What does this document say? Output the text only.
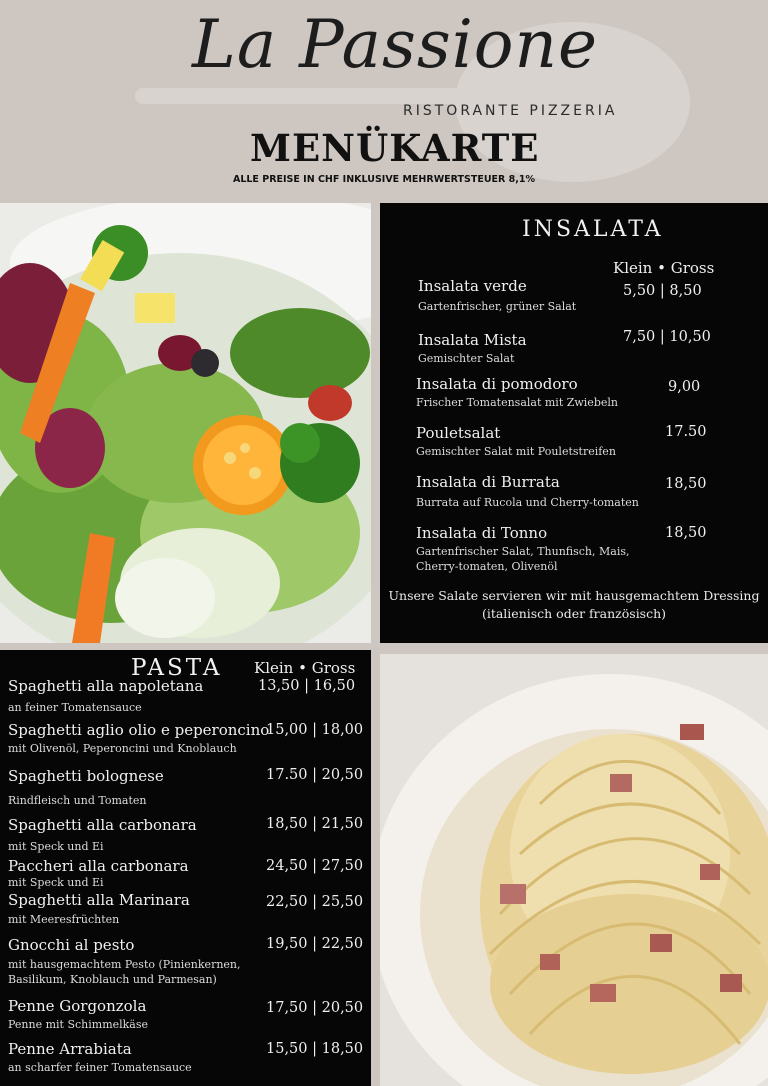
La Passione
RISTORANTE PIZZERIA
MENÜKARTE
ALLE PREISE IN CHF INKLUSIVE MEHRWERTSTEUER 8,1%
INSALATA
Klein • Gross
Insalata verde
Gartenfrischer, grüner Salat
5,50 | 8,50
Insalata Mista
Gemischter Salat
7,50 | 10,50
Insalata di pomodoro
Frischer Tomatensalat mit Zwiebeln
9,00
Pouletsalat
Gemischter Salat mit Pouletstreifen
17.50
Insalata di Burrata
Burrata auf Rucola und Cherry-tomaten
18,50
Insalata di Tonno
Gartenfrischer Salat, Thunfisch, Mais,
Cherry-tomaten, Olivenöl
18,50
Unsere Salate servieren wir mit hausgemachtem Dressing
(italienisch oder französisch)
PASTA Klein • Gross
Spaghetti alla napoletana
an feiner Tomatensauce
13,50 | 16,50
Spaghetti aglio olio e peperoncino
mit Olivenöl, Peperoncini und Knoblauch
15,00 | 18,00
Spaghetti bolognese
Rindfleisch und Tomaten
17.50 | 20,50
Spaghetti alla carbonara
mit Speck und Ei
18,50 | 21,50
Paccheri alla carbonara
mit Speck und Ei
24,50 | 27,50
Spaghetti alla Marinara
mit Meeresfrüchten
22,50 | 25,50
Gnocchi al pesto
mit hausgemachtem Pesto (Pinienkernen,
Basilikum, Knoblauch und Parmesan)
19,50 | 22,50
Penne Gorgonzola
Penne mit Schimmelkäse
17,50 | 20,50
Penne Arrabiata
an scharfer feiner Tomatensauce
15,50 | 18,50
